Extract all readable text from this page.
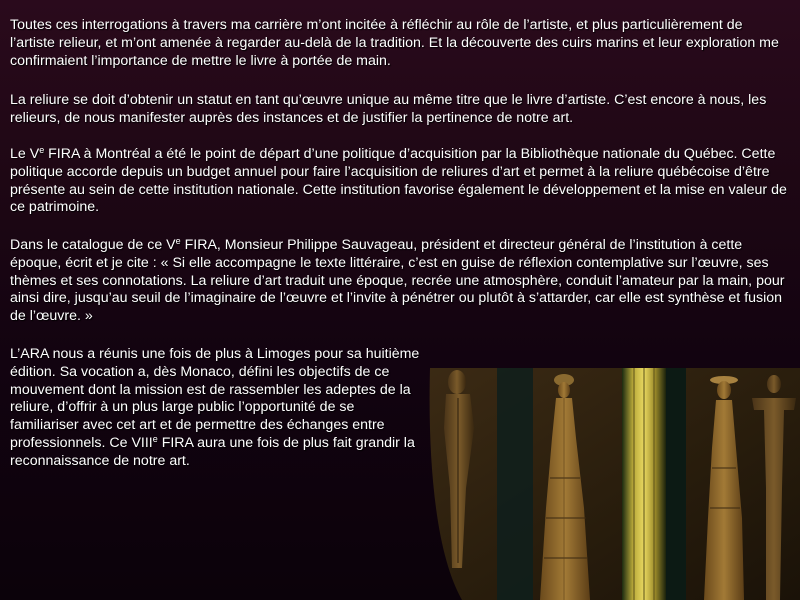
Toutes ces interrogations à travers ma carrière m’ont incitée à réfléchir au rôle de l’artiste, et plus particulièrement de l’artiste relieur, et m’ont amenée à regarder au-delà de la tradition. Et la découverte des cuirs marins et leur exploration me confirmaient l’importance de mettre le livre à portée de main.

La reliure se doit d’obtenir un statut en tant qu’œuvre unique au même titre que le livre d’artiste. C’est encore à nous, les relieurs, de nous manifester auprès des instances et de justifier la pertinence de notre art.

Le Ve FIRA à Montréal a été le point de départ d’une politique d’acquisition par la Bibliothèque nationale du Québec. Cette politique accorde depuis un budget annuel pour faire l’acquisition de reliures d’art et permet à la reliure québécoise d’être présente au sein de cette institution nationale. Cette institution favorise également le développement et la mise en valeur de ce patrimoine.

Dans le catalogue de ce Ve FIRA, Monsieur Philippe Sauvageau, président et directeur général de l’institution à cette époque, écrit et je cite : « Si elle accompagne le texte littéraire, c’est en guise de réflexion contemplative sur l’œuvre, ses thèmes et ses connotations. La reliure d’art traduit une époque, recrée une atmosphère, conduit l’amateur par la main, pour ainsi dire, jusqu’au seuil de l’imaginaire de l’œuvre et l’invite à pénétrer ou plutôt à s’attarder, car elle est synthèse et fusion de l’œuvre. »

L’ARA nous a réunis une fois de plus à Limoges pour sa huitième édition. Sa vocation a, dès Monaco, défini les objectifs de ce mouvement dont la mission est de rassembler les adeptes de la reliure, d’offrir à un plus large public l’opportunité de se familiariser avec cet art et de permettre des échanges entre professionnels. Ce VIIIe FIRA aura une fois de plus fait grandir la reconnaissance de notre art.
